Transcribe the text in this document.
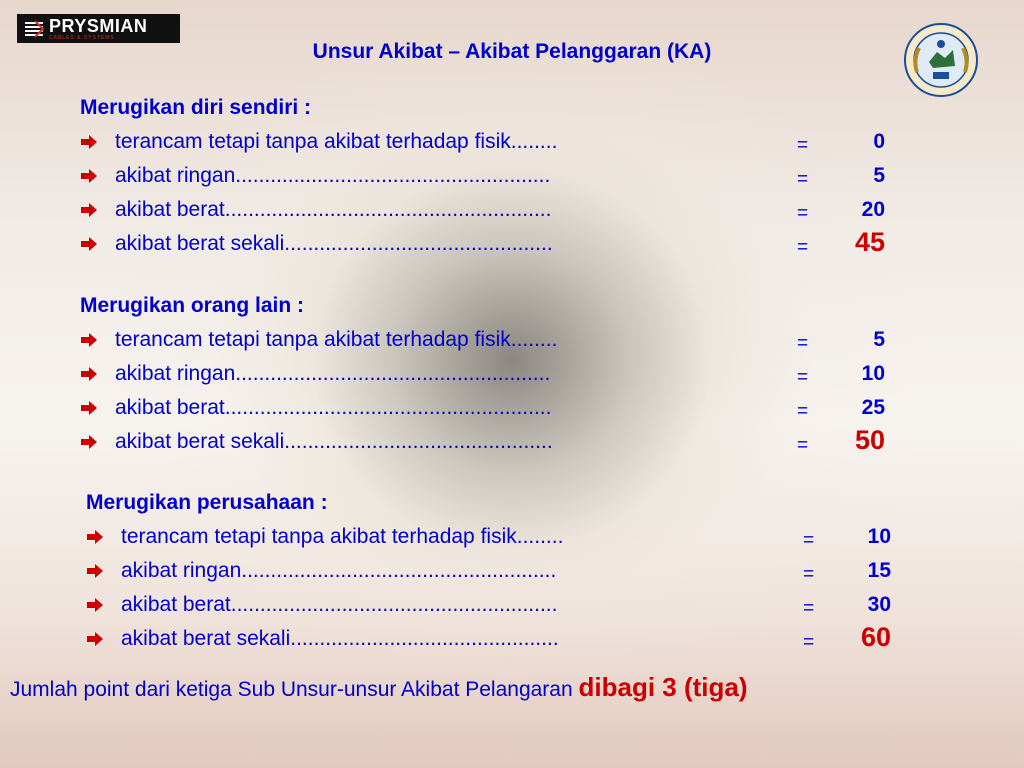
PRYSMIAN
CABLES & SYSTEMS
Unsur Akibat – Akibat Pelanggaran (KA)
Merugikan diri sendiri :
terancam tetapi tanpa akibat terhadap fisik........	=	0
akibat ringan......................................................	=	5
akibat berat........................................................	=	20
akibat berat sekali..............................................	=	45
Merugikan orang lain :
terancam tetapi tanpa akibat terhadap fisik........	=	5
akibat ringan......................................................	=	10
akibat berat........................................................	=	25
akibat berat sekali..............................................	=	50
Merugikan perusahaan :
terancam tetapi tanpa akibat terhadap fisik........	=	10
akibat ringan......................................................	=	15
akibat berat........................................................	=	30
akibat berat sekali..............................................	=	60
Jumlah point dari ketiga Sub Unsur-unsur Akibat Pelangaran dibagi 3 (tiga)
